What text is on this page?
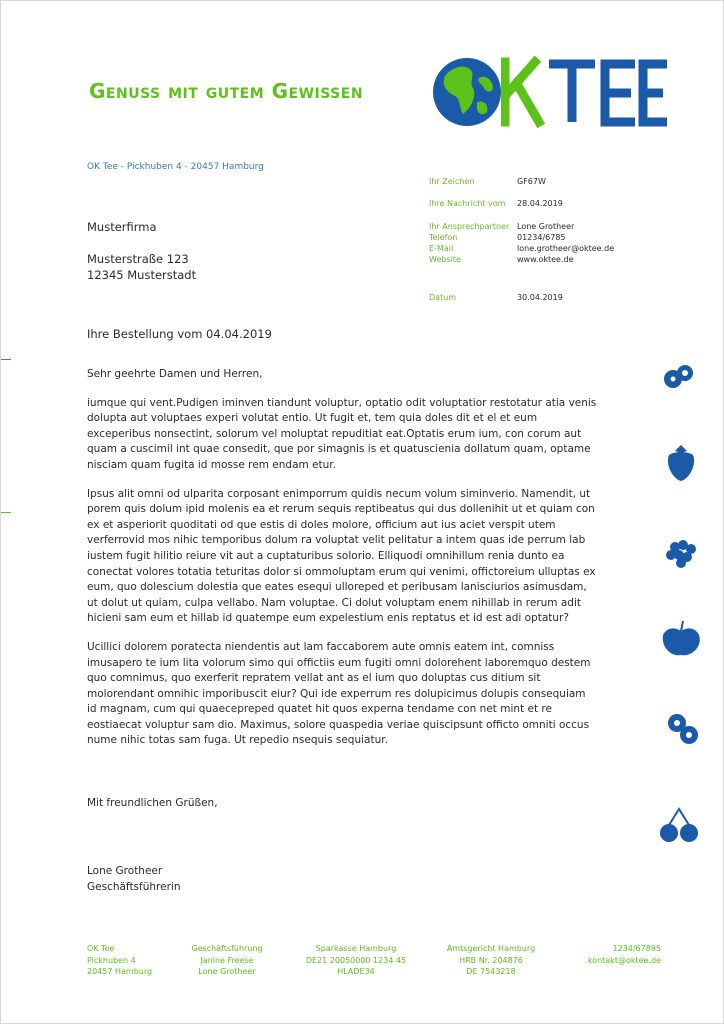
Genuss mit gutem Gewissen
OK Tee - Pickhuben 4 - 20457 Hamburg
Musterfirma
Musterstraße 123
12345 Musterstadt
Ihr Zeichen	GF67W
Ihre Nachricht vom 28.04.2019
Ihr Ansprechpartner Lone Grotheer
Telefon	01234/6785
E-Mail	lone.grotheer@oktee.de
Website	www.oktee.de
Datum	30.04.2019
Ihre Bestellung vom 04.04.2019

Sehr geehrte Damen und Herren,

iumque qui vent.Pudigen iminven tiandunt voluptur, optatio odit voluptatior restotatur atia venis dolupta aut voluptaes experi volutat entio. Ut fugit et, tem quia doles dit et el et eum exceperibus nonsectint, solorum vel moluptat repuditiat eat.Optatis erum ium, con corum aut quam a cuscimil int quae consedit, que por simagnis is et quatuscienia dollatum quam, optame nisciam quam fugita id mosse rem endam etur.

Ipsus alit omni od ulparita corposant enimporrum quidis necum volum siminverio. Namendit, ut porem quis dolum ipid molenis ea et rerum sequis reptibeatus qui dus dollenihit ut et quiam con ex et asperiorit quoditati od que estis di doles molore, officium aut ius aciet verspit utem verferrovid mos nihic temporibus dolum ra voluptat velit pelitatur a intem quas ide perrum lab iustem fugit hilitio reiure vit aut a cuptaturibus solorio. Elliquodi omnihillum renia dunto ea conectat volores totatia teturitas dolor si ommoluptam erum qui venimi, offictoreium ulluptas ex eum, quo dolescium dolestia que eates esequi ulloreped et peribusam lanisciurios asimusdam, ut dolut ut quiam, culpa vellabo. Nam voluptae. Ci dolut voluptam enem nihillab in rerum adit hicieni sam eum et hillab id quatempe eum expelestium enis reptatus et id est adi optatur?

Ucillici dolorem poratecta niendentis aut lam faccaborem aute omnis eatem int, comniss imusapero te ium lita volorum simo qui offictiis eum fugiti omni dolorehent laboremquo destem quo comnimus, quo exerferit repratem vellat ant as el ium quo doluptas cus ditium sit molorendant omnihic imporibuscit eiur? Qui ide experrum res dolupicimus dolupis consequiam id magnam, cum qui quaecepreped quatet hit quos experna tendame con net mint et re eostiaecat voluptur sam dio. Maximus, solore quaspedia veriae quiscipsunt officto omniti occus nume nihic totas sam fuga. Ut repedio nsequis sequiatur.

Mit freundlichen Grüßen,
Lone Grotheer
Geschäftsführerin
OK Tee
Pickhuben 4
20457 Hamburg
Geschäftsführung
Janine Freese
Lone Grotheer
Sparkasse Hamburg
DE21 20050000 1234 45
HLADE34
Amtsgericht Hamburg
HRB Nr. 204876
DE 7543218
1234/67895
kontakt@oktee.de
